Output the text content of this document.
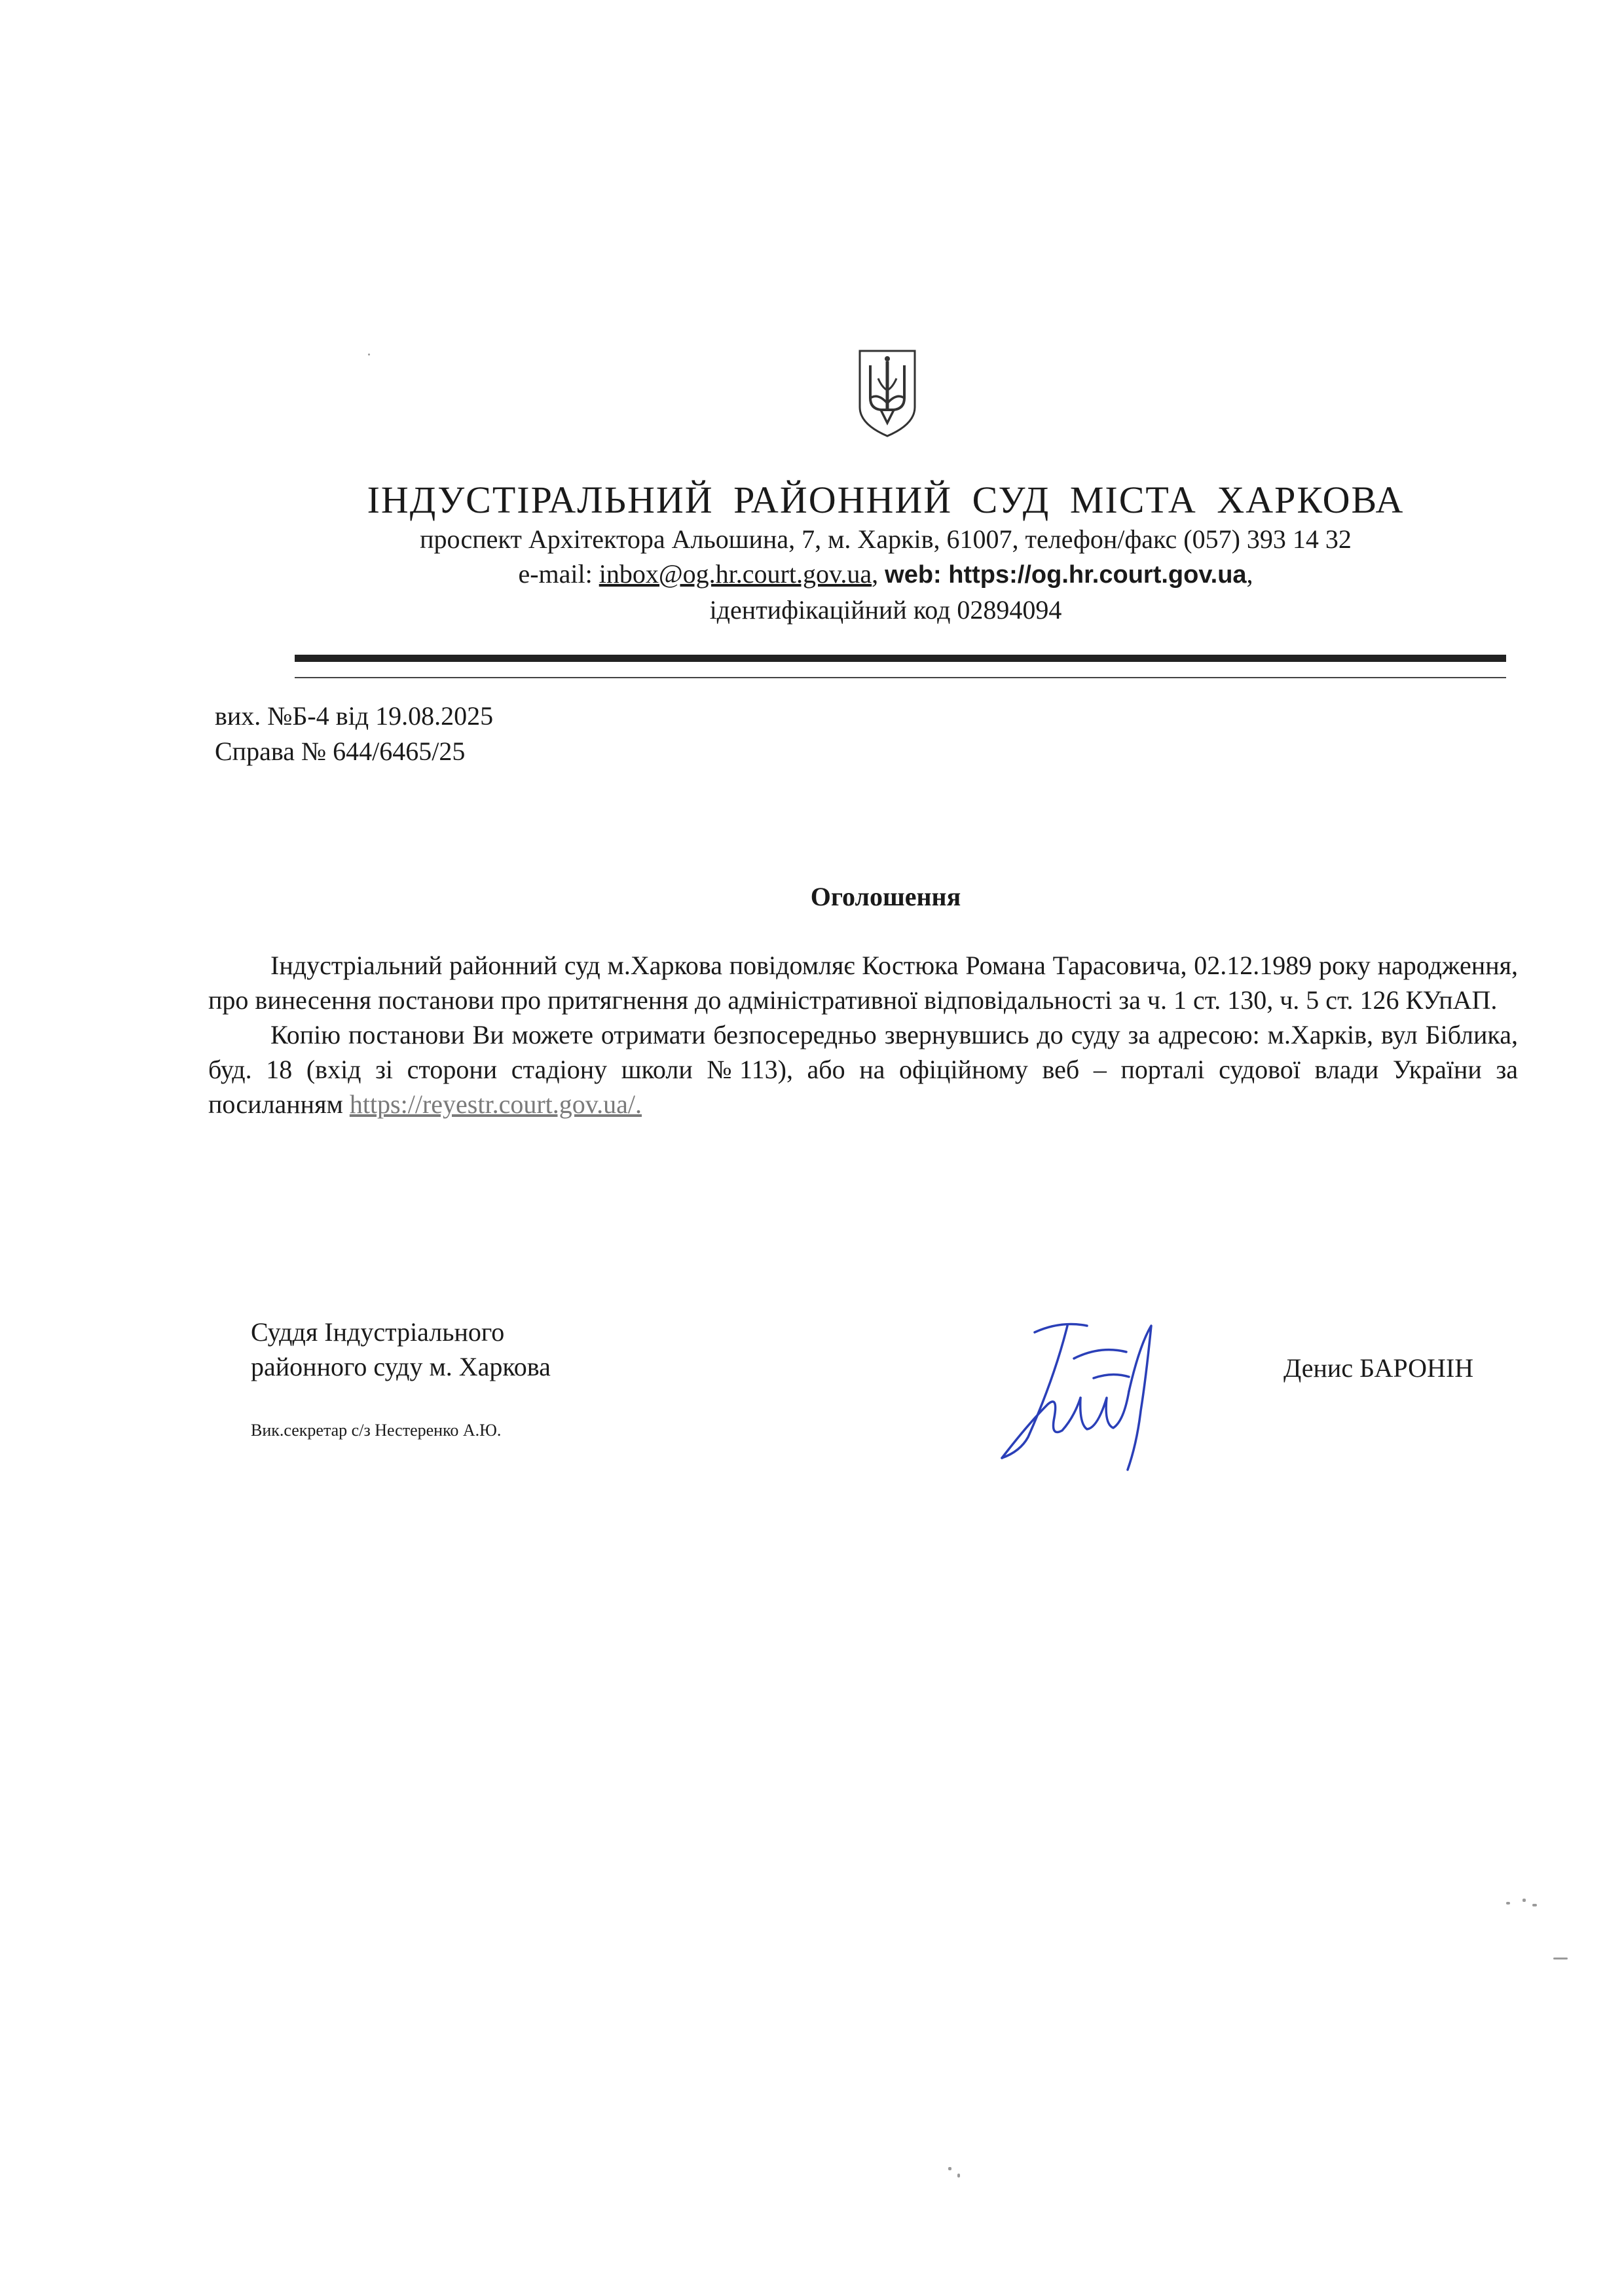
ІНДУСТІРАЛЬНИЙ РАЙОННИЙ СУД МІСТА ХАРКОВА
проспект Архітектора Альошина, 7, м. Харків, 61007, телефон/факс (057) 393 14 32
e-mail: inbox@og.hr.court.gov.ua, web: https://og.hr.court.gov.ua,
ідентифікаційний код 02894094
вих. №Б-4 від 19.08.2025
Справа № 644/6465/25
Оголошення

Індустріальний районний суд м.Харкова повідомляє Костюка Романа Тарасовича, 02.12.1989 року народження, про винесення постанови про притягнення до адміністративної відповідальності за ч. 1 ст. 130, ч. 5 ст. 126 КУпАП.

Копію постанови Ви можете отримати безпосередньо звернувшись до суду за адресою: м.Харків, вул Біблика, буд. 18 (вхід зі сторони стадіону школи №113), або на офіційному веб – порталі судової влади України за посиланням https://reyestr.court.gov.ua/.

Суддя Індустріального
районного суду м. Харкова	Денис БАРОНІН
Вик.секретар с/з Нестеренко А.Ю.
